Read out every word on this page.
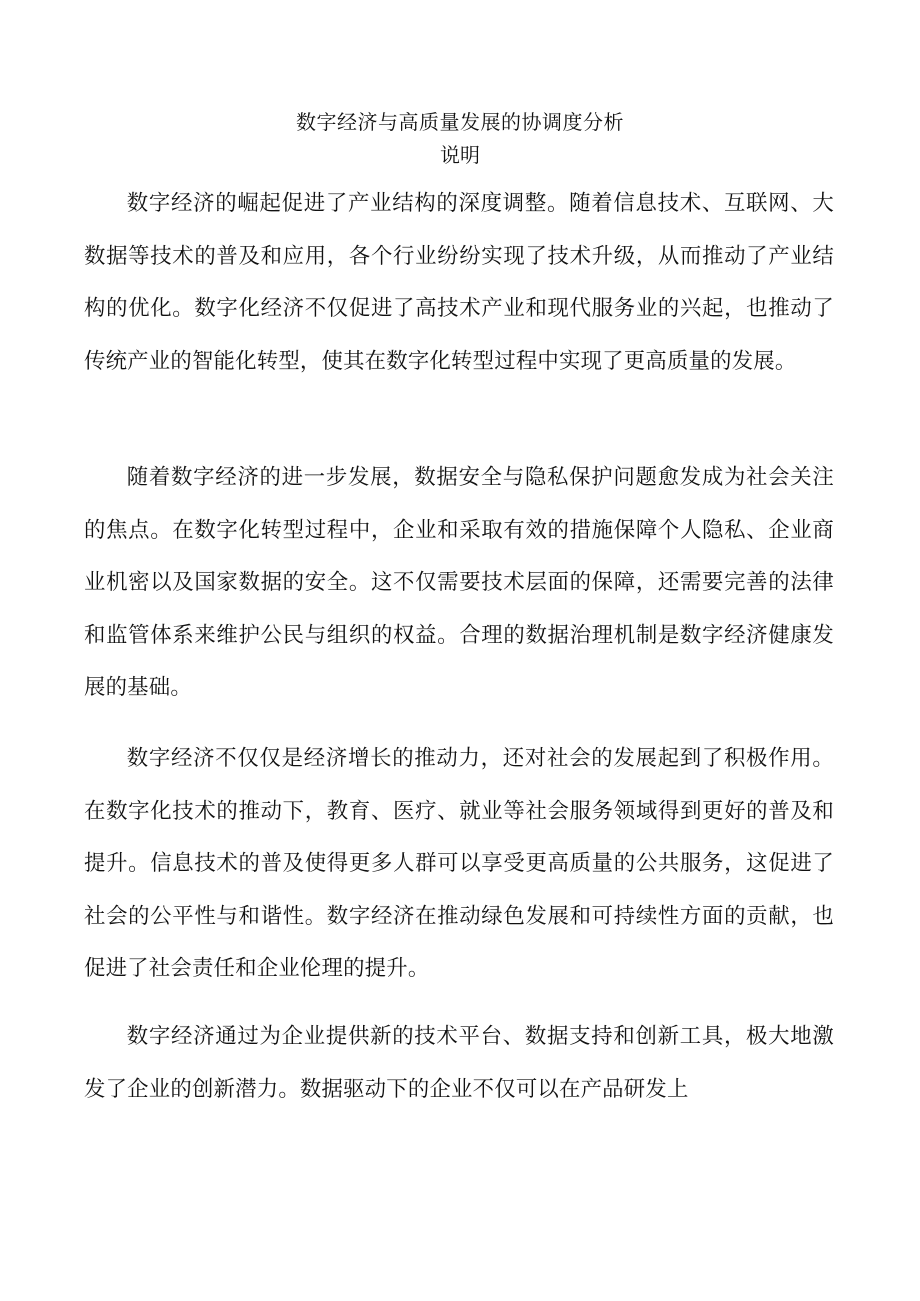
数字经济与高质量发展的协调度分析
说明

数字经济的崛起促进了产业结构的深度调整。随着信息技术、互联网、大数据等技术的普及和应用，各个行业纷纷实现了技术升级，从而推动了产业结构的优化。数字化经济不仅促进了高技术产业和现代服务业的兴起，也推动了传统产业的智能化转型，使其在数字化转型过程中实现了更高质量的发展。

随着数字经济的进一步发展，数据安全与隐私保护问题愈发成为社会关注的焦点。在数字化转型过程中，企业和采取有效的措施保障个人隐私、企业商业机密以及国家数据的安全。这不仅需要技术层面的保障，还需要完善的法律和监管体系来维护公民与组织的权益。合理的数据治理机制是数字经济健康发展的基础。

数字经济不仅仅是经济增长的推动力，还对社会的发展起到了积极作用。在数字化技术的推动下，教育、医疗、就业等社会服务领域得到更好的普及和提升。信息技术的普及使得更多人群可以享受更高质量的公共服务，这促进了社会的公平性与和谐性。数字经济在推动绿色发展和可持续性方面的贡献，也促进了社会责任和企业伦理的提升。

数字经济通过为企业提供新的技术平台、数据支持和创新工具，极大地激发了企业的创新潜力。数据驱动下的企业不仅可以在产品研发上
